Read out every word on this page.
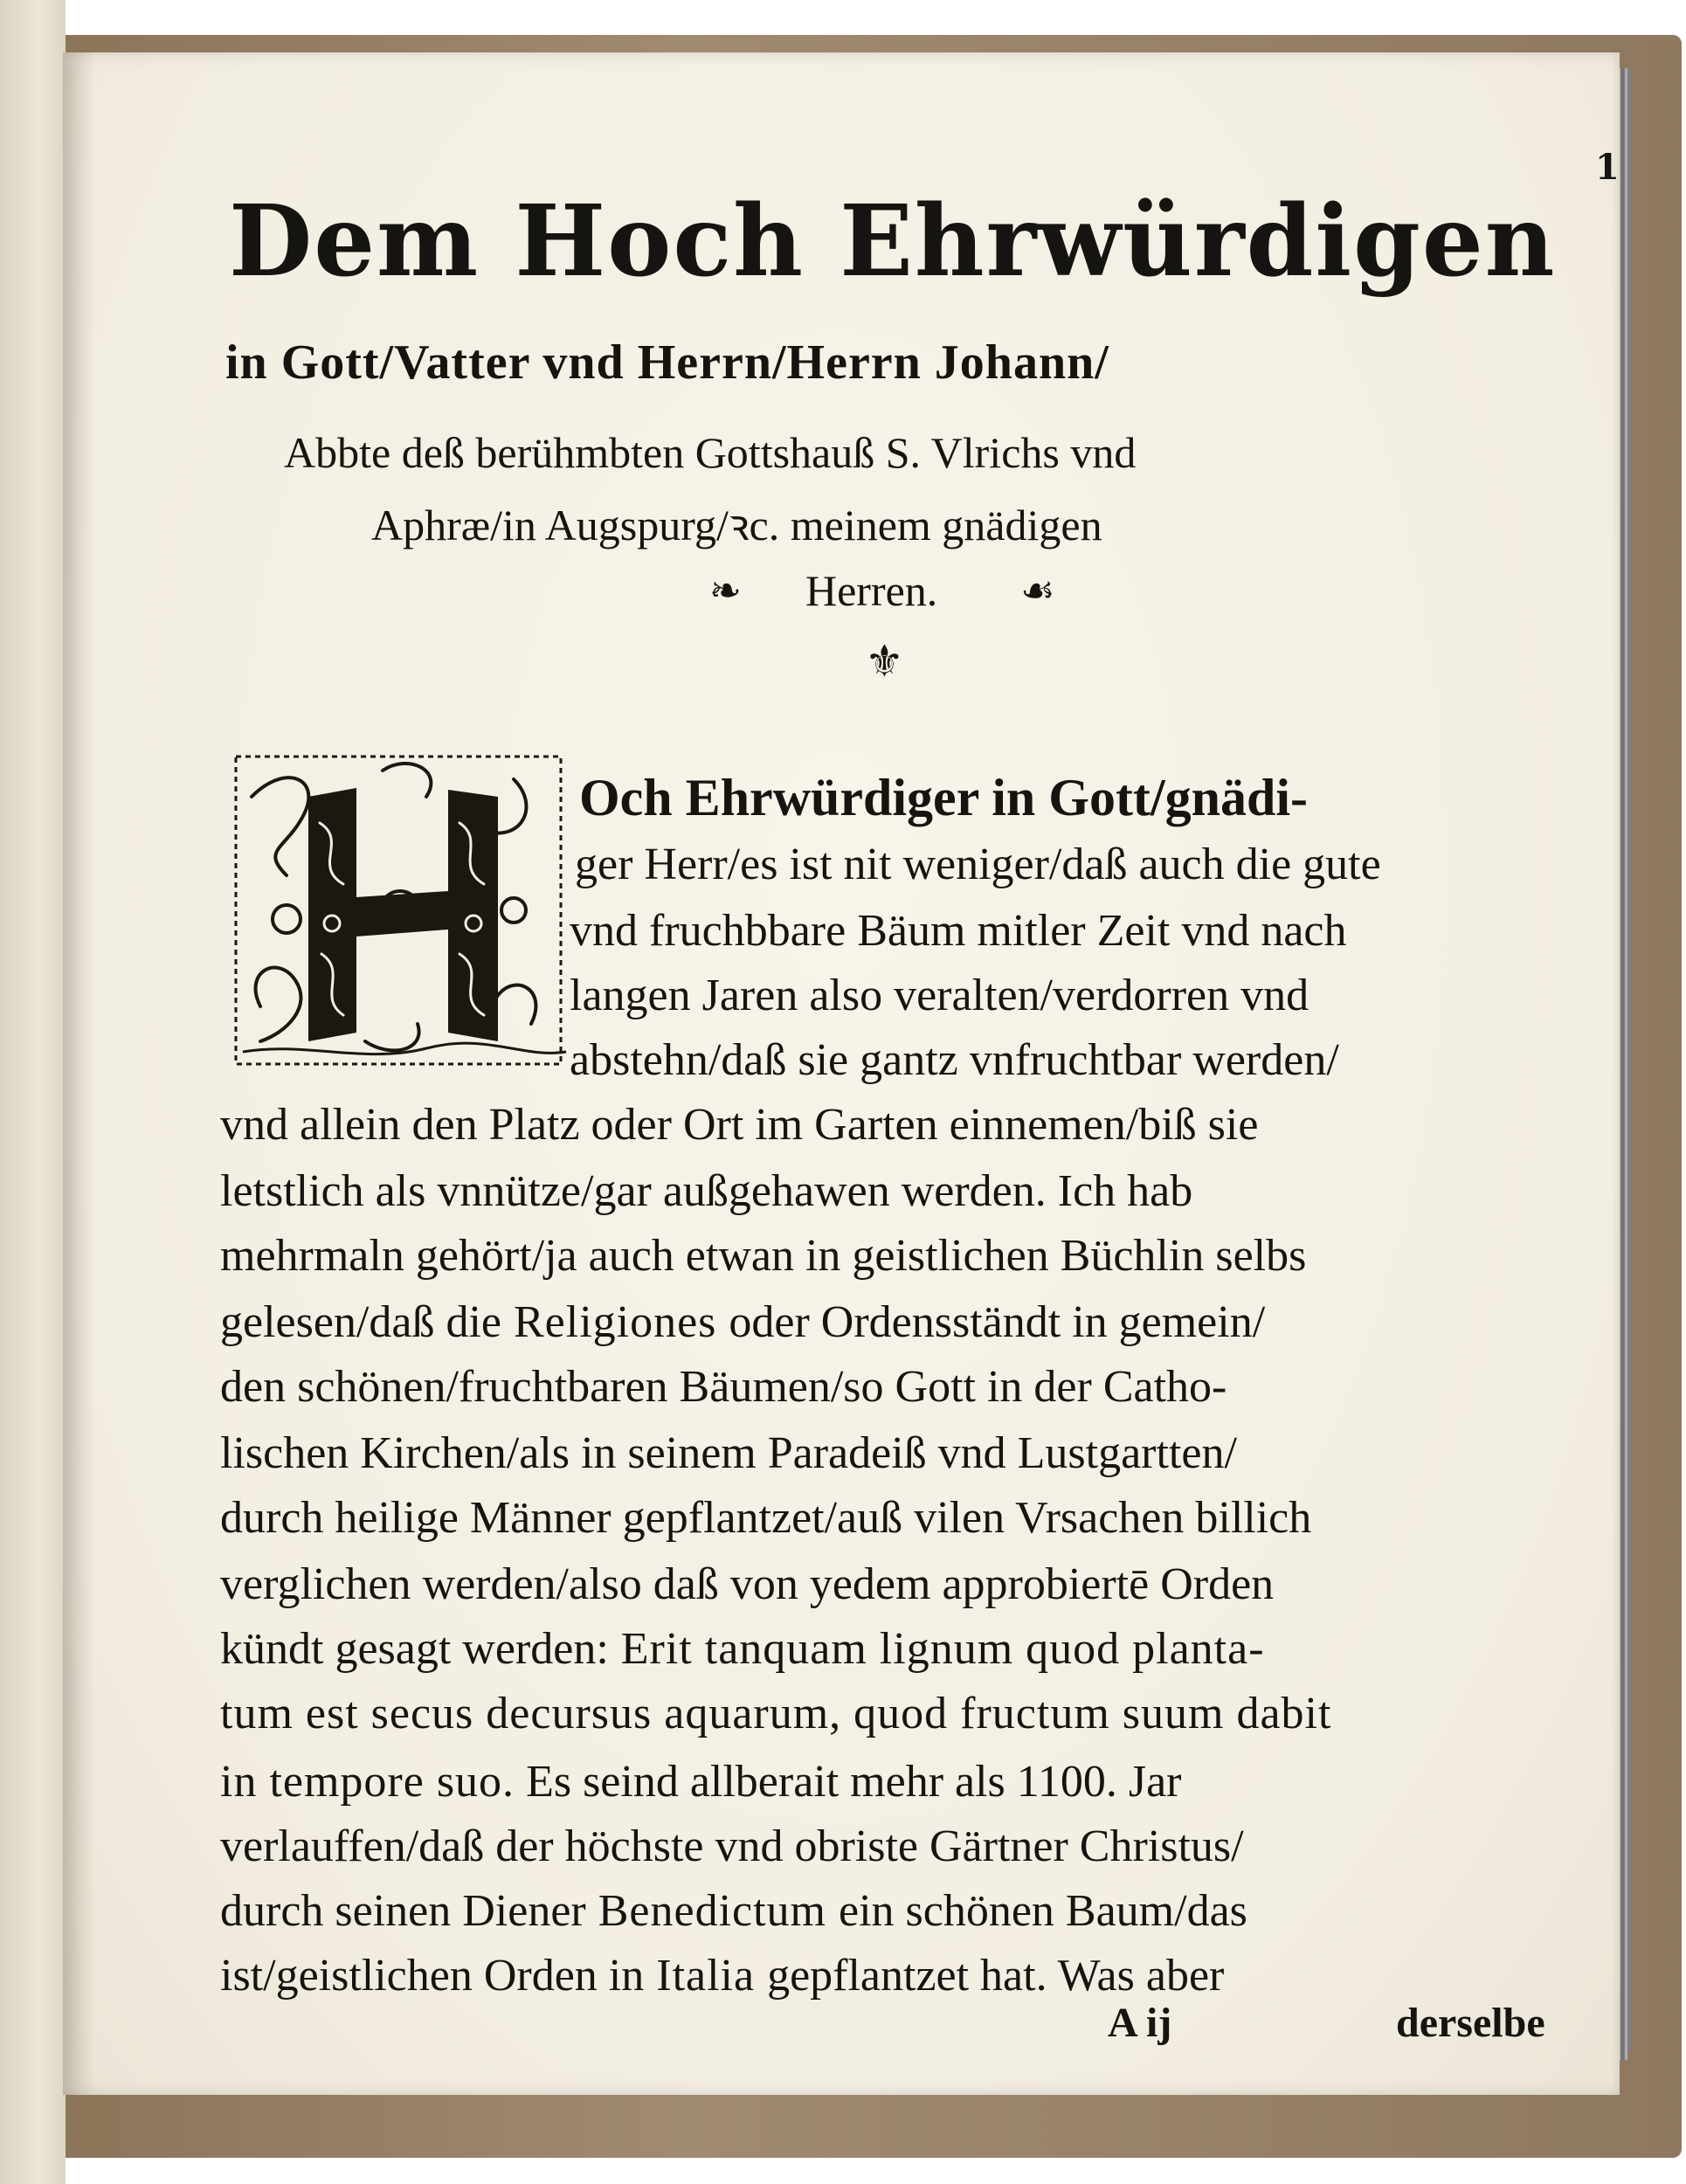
1
Dem Hoch Ehrwürdigen
in Gott/Vatter vnd Herrn/Herrn Johann/
Abbte deß berühmbten Gottshauß S. Vlrichs vnd
Aphræ/in Augspurg/ꝛc. meinem gnädigen
Herren.
❧	☙
⚜
Och Ehrwürdiger in Gott/gnädi-
ger Herr/es ist nit weniger/daß auch die gute
vnd fruchbbare Bäum mitler Zeit vnd nach
langen Jaren also veralten/verdorren vnd
abstehn/daß sie gantz vnfruchtbar werden/
vnd allein den Platz oder Ort im Garten einnemen/biß sie
letstlich als vnnütze/gar außgehawen werden. Ich hab
mehrmaln gehört/ja auch etwan in geistlichen Büchlin selbs
gelesen/daß die Religiones oder Ordensständt in gemein/
den schönen/fruchtbaren Bäumen/so Gott in der Catho-
lischen Kirchen/als in seinem Paradeiß vnd Lustgartten/
durch heilige Männer gepflantzet/auß vilen Vrsachen billich
verglichen werden/also daß von yedem approbiertē Orden
kündt gesagt werden: Erit tanquam lignum quod planta-
tum est secus decursus aquarum, quod fructum suum dabit
in tempore suo. Es seind allberait mehr als 1100. Jar
verlauffen/daß der höchste vnd obriste Gärtner Christus/
durch seinen Diener Benedictum ein schönen Baum/das
ist/geistlichen Orden in Italia gepflantzet hat. Was aber
A ij	derselbe
